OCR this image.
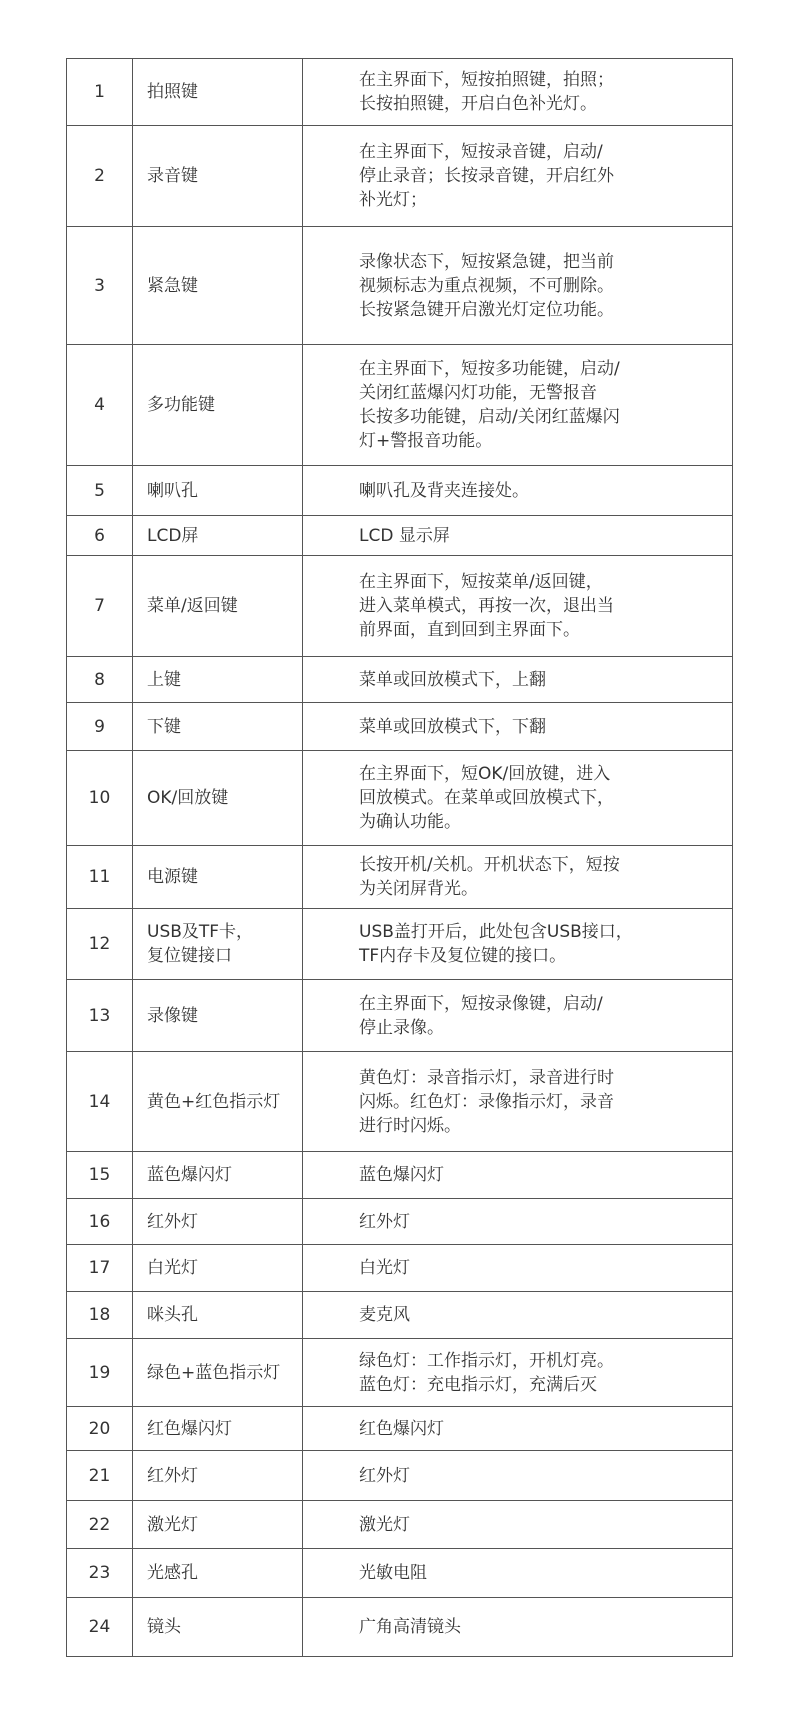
1	拍照键	在主界面下，短按拍照键，拍照；
长按拍照键，开启白色补光灯。
2	录音键	在主界面下，短按录音键，启动/
停止录音；长按录音键，开启红外
补光灯；
3	紧急键	录像状态下，短按紧急键，把当前
视频标志为重点视频，不可删除。
长按紧急键开启激光灯定位功能。
4	多功能键	在主界面下，短按多功能键，启动/
关闭红蓝爆闪灯功能，无警报音
长按多功能键，启动/关闭红蓝爆闪
灯+警报音功能。
5	喇叭孔	喇叭孔及背夹连接处。
6	LCD屏	LCD 显示屏
7	菜单/返回键	在主界面下，短按菜单/返回键，
进入菜单模式，再按一次，退出当
前界面，直到回到主界面下。
8	上键	菜单或回放模式下，上翻
9	下键	菜单或回放模式下，下翻
10	OK/回放键	在主界面下，短OK/回放键，进入
回放模式。在菜单或回放模式下，
为确认功能。
11	电源键	长按开机/关机。开机状态下，短按
为关闭屏背光。
12	USB及TF卡，
复位键接口	USB盖打开后，此处包含USB接口，
TF内存卡及复位键的接口。
13	录像键	在主界面下，短按录像键，启动/
停止录像。
14	黄色+红色指示灯	黄色灯：录音指示灯，录音进行时
闪烁。红色灯：录像指示灯，录音
进行时闪烁。
15	蓝色爆闪灯	蓝色爆闪灯
16	红外灯	红外灯
17	白光灯	白光灯
18	咪头孔	麦克风
19	绿色+蓝色指示灯	绿色灯：工作指示灯，开机灯亮。
蓝色灯：充电指示灯，充满后灭
20	红色爆闪灯	红色爆闪灯
21	红外灯	红外灯
22	激光灯	激光灯
23	光感孔	光敏电阻
24	镜头	广角高清镜头
